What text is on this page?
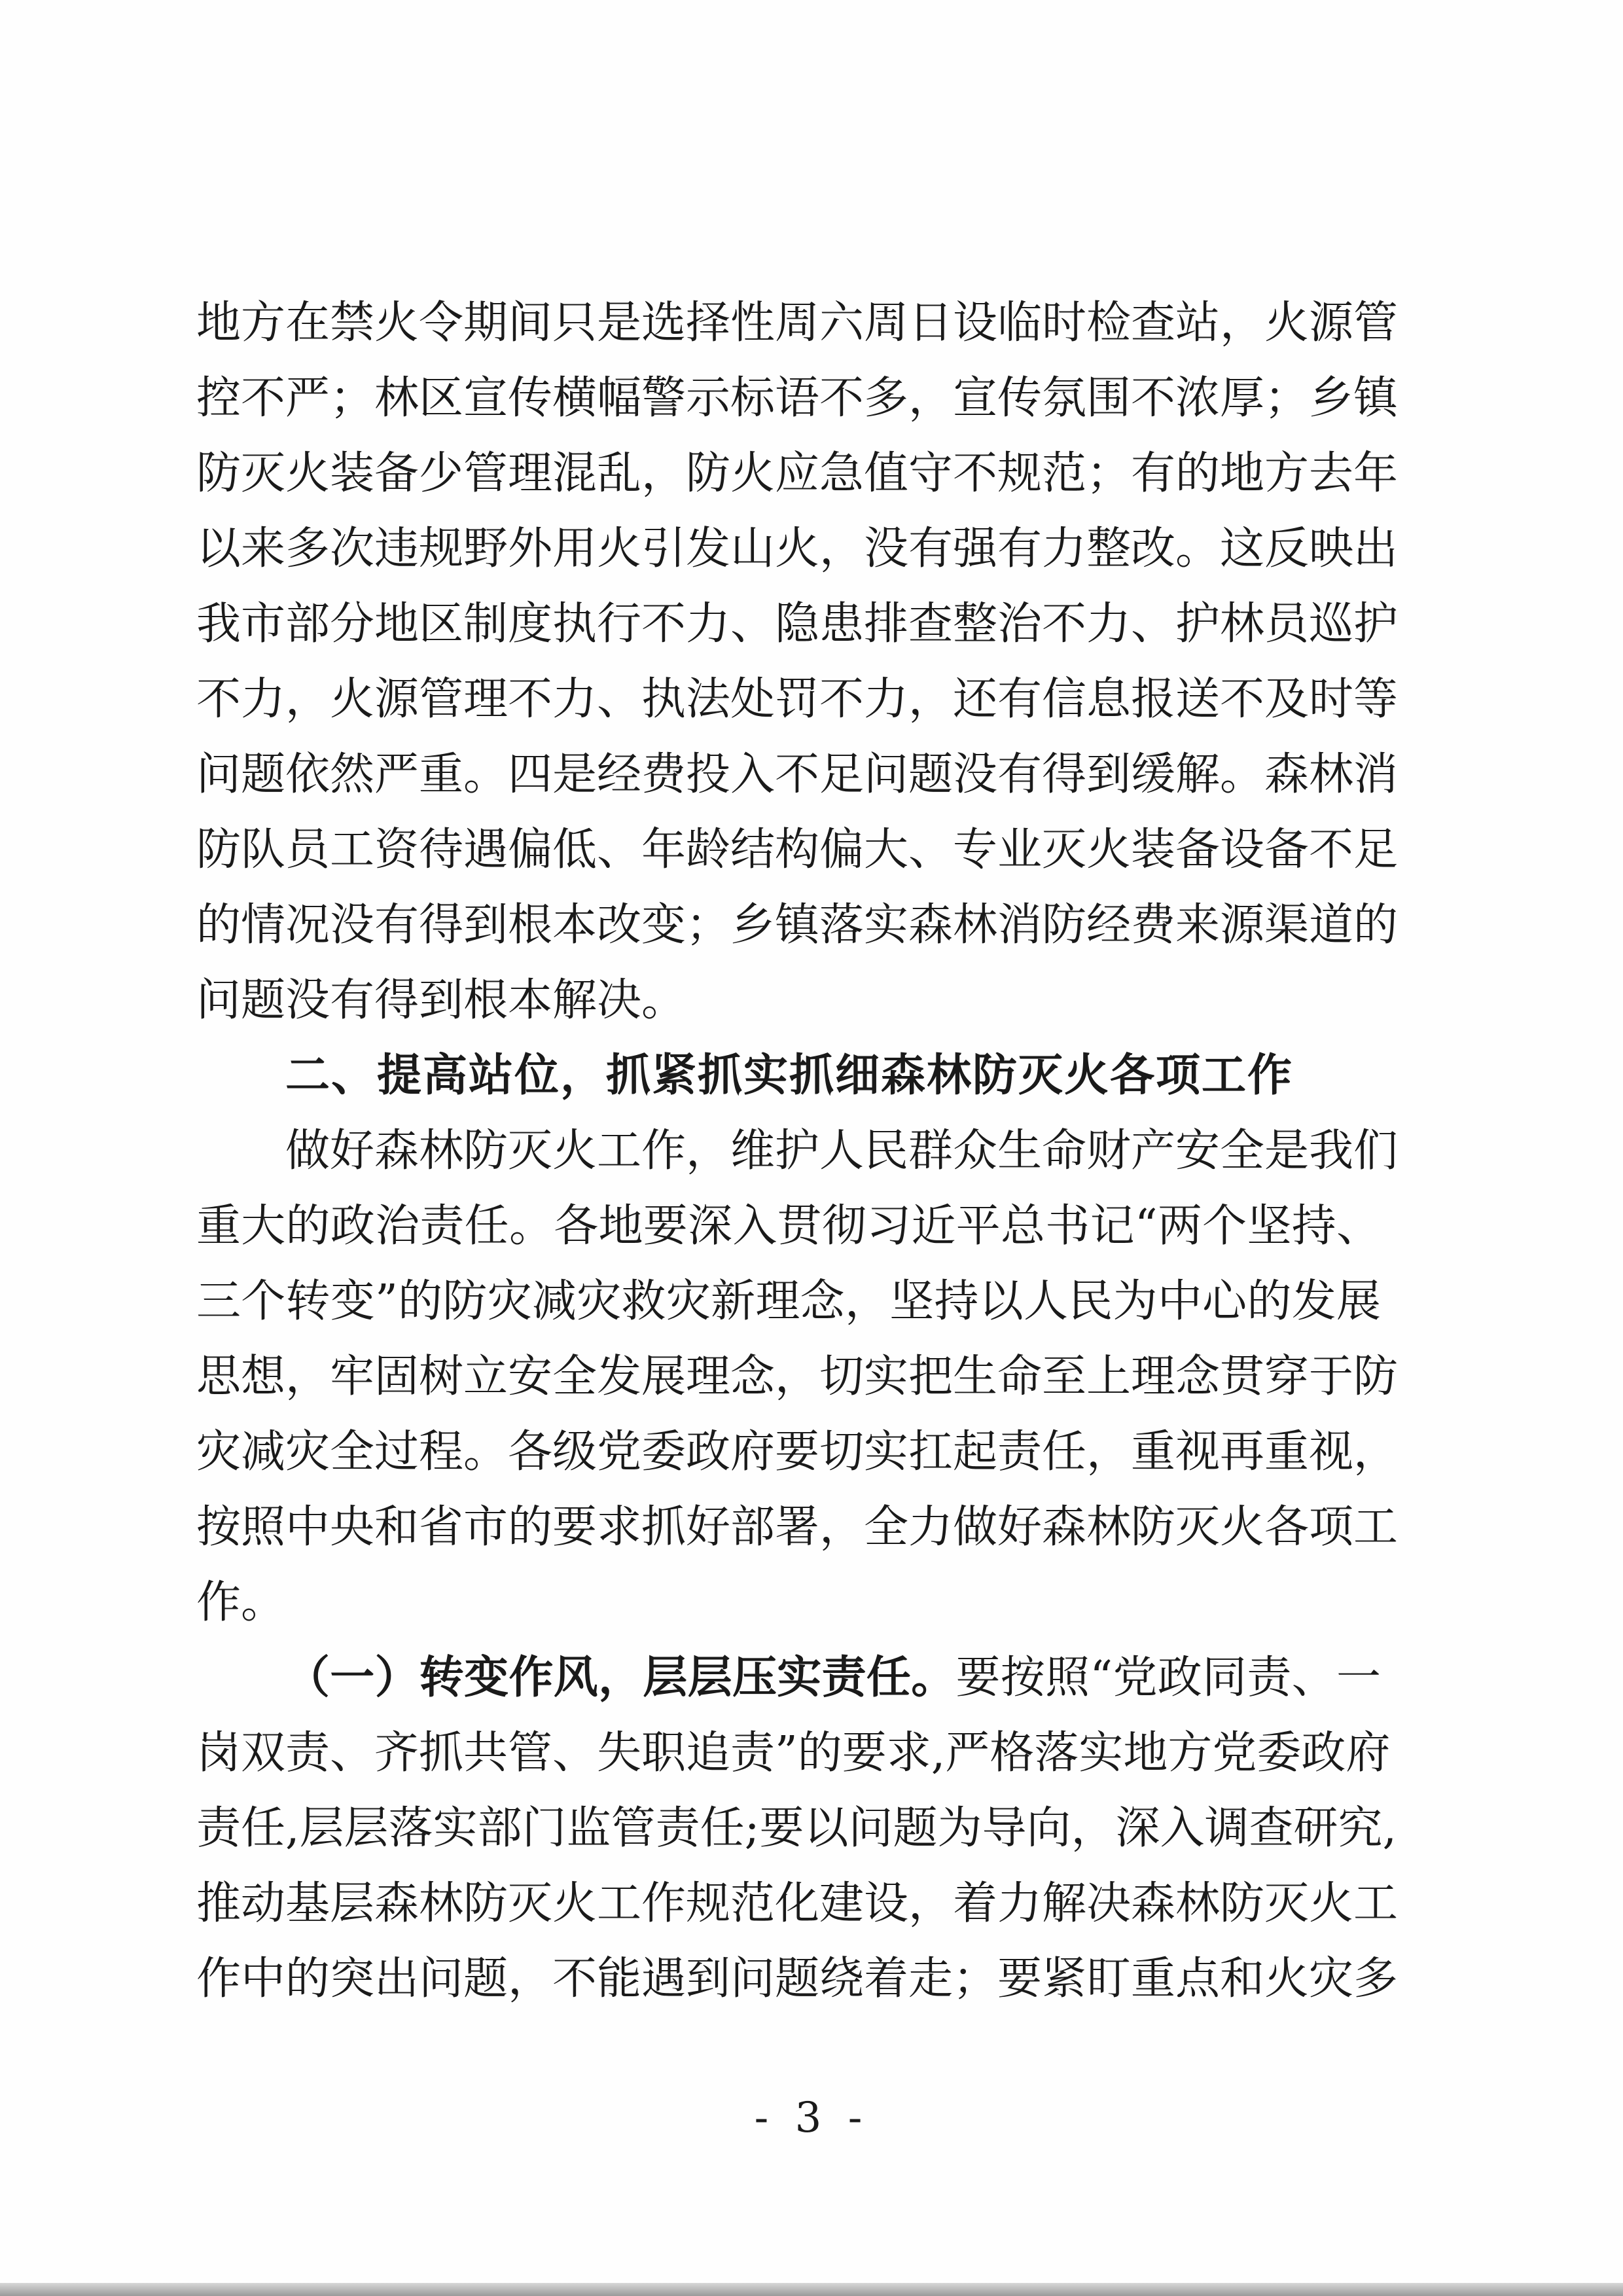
地方在禁火令期间只是选择性周六周日设临时检查站，火源管
控不严；林区宣传横幅警示标语不多，宣传氛围不浓厚；乡镇
防灭火装备少管理混乱，防火应急值守不规范；有的地方去年
以来多次违规野外用火引发山火，没有强有力整改。这反映出
我市部分地区制度执行不力、隐患排查整治不力、护林员巡护
不力，火源管理不力、执法处罚不力，还有信息报送不及时等
问题依然严重。四是经费投入不足问题没有得到缓解。森林消
防队员工资待遇偏低、年龄结构偏大、专业灭火装备设备不足
的情况没有得到根本改变；乡镇落实森林消防经费来源渠道的
问题没有得到根本解决。
二、提高站位，抓紧抓实抓细森林防灭火各项工作
做好森林防灭火工作，维护人民群众生命财产安全是我们
重大的政治责任。各地要深入贯彻习近平总书记“两个坚持、
三个转变”的防灾减灾救灾新理念，坚持以人民为中心的发展
思想，牢固树立安全发展理念，切实把生命至上理念贯穿于防
灾减灾全过程。各级党委政府要切实扛起责任，重视再重视，
按照中央和省市的要求抓好部署，全力做好森林防灭火各项工
作。
（一）转变作风，层层压实责任。要按照“党政同责、一
岗双责、齐抓共管、失职追责”的要求,严格落实地方党委政府
责任,层层落实部门监管责任;要以问题为导向，深入调查研究,
推动基层森林防灭火工作规范化建设，着力解决森林防灭火工
作中的突出问题，不能遇到问题绕着走；要紧盯重点和火灾多
- 3 -
